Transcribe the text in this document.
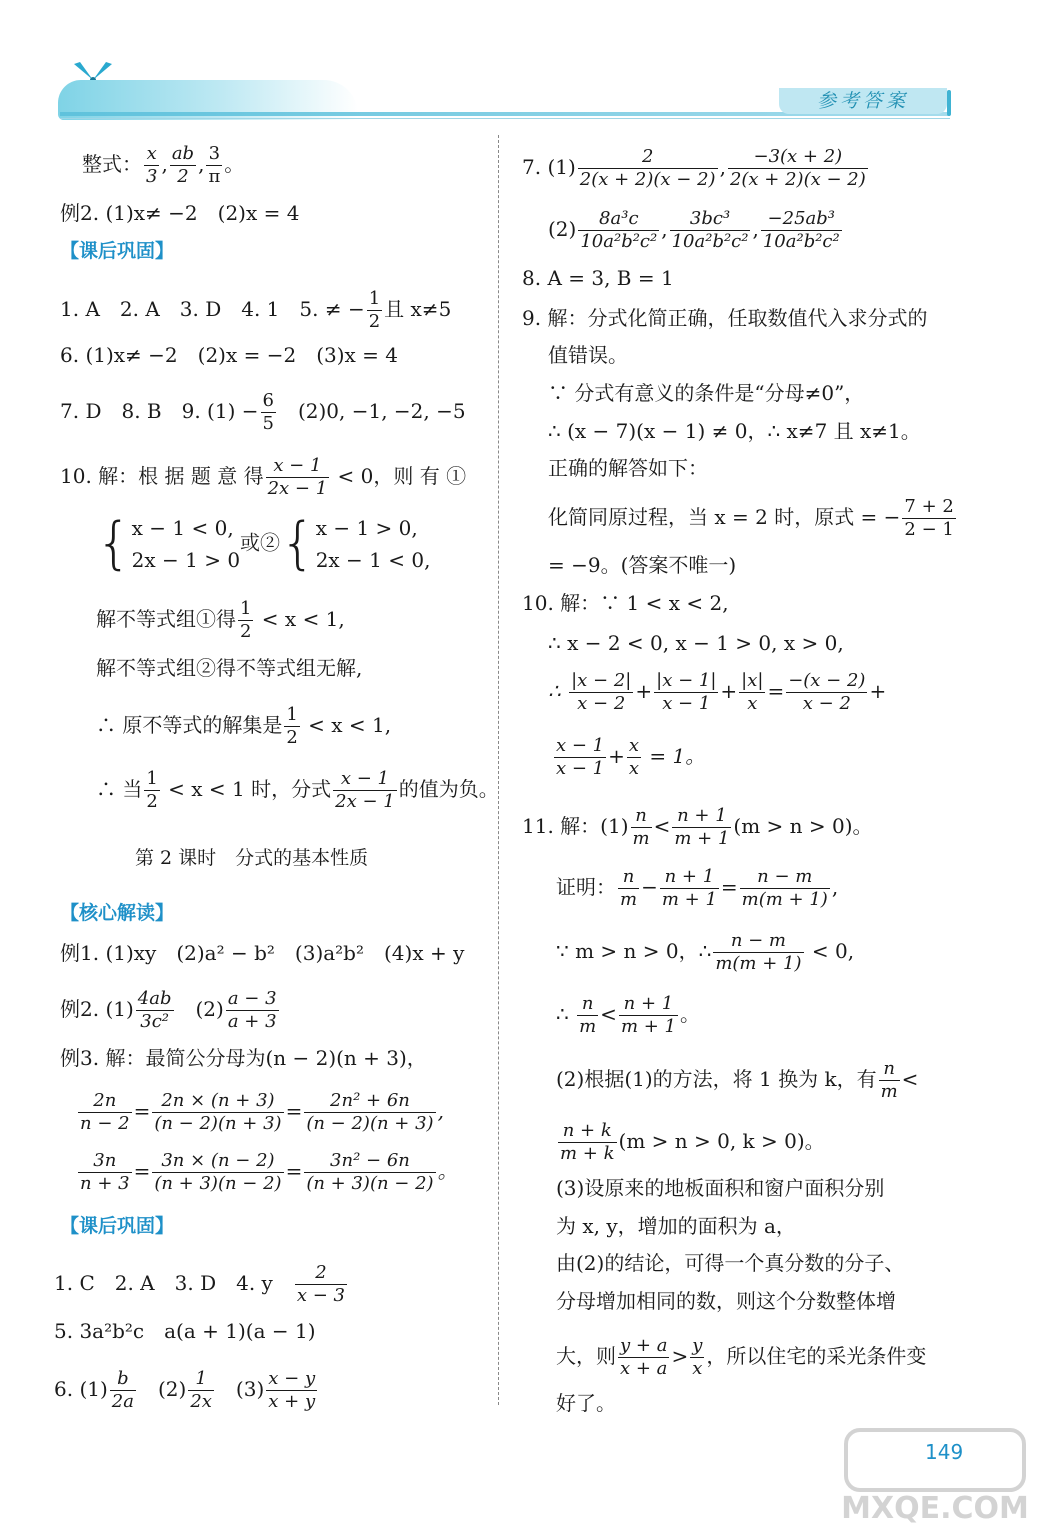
参考答案
整式： $\frac{x}{3}$ , $\frac{ab}{2}$ , $\frac{3}{\pi}$ 。
例2. (1)x≠ −2　(2)x = 4
【课后巩固】
1. A　2. A　3. D　4. 1　5. ≠ − $\frac{1}{2}$ 且 x≠5
6. (1)x≠ −2　(2)x = −2　(3)x = 4
7. D　8. B　9. $(1) - \frac{6}{5}$ 　(2)0, −1, −2, −5
10. 解：根 据 题 意 得 $\frac{x - 1}{2x - 1} < 0$，则 有 ①
{x − 1 < 0,
2x − 1 > 0或②{x − 1 > 0,
2x − 1 < 0,
解不等式组①得 $\frac{1}{2} < x < 1$,
解不等式组②得不等式组无解,
∴ 原不等式的解集是 $\frac{1}{2} < x < 1$,
∴ 当 $\frac{1}{2} < x < 1$ 时，分式 $\frac{x - 1}{2x - 1}$ 的值为负。
第 2 课时　分式的基本性质
【核心解读】
例1. (1)xy　(2)a² − b²　(3)a²b²　(4)x + y
例2. $(1) \frac{4ab}{\text{3c²}}$ 　$(2) \frac{a - 3}{a + 3}$
例3. 解：最简公分母为(n − 2)(n + 3)，
$\frac{2n}{n - 2} = \frac{2n \times (n + 3)}{(n - 2)(n + 3)} = \frac{\text{2n² + 6n}}{(n - 2)(n + 3)}$ ,
$\frac{3n}{n + 3} = \frac{3n \times (n - 2)}{(n + 3)(n - 2)} = \frac{\text{3n² − 6n}}{(n + 3)(n - 2)}$ 。
【课后巩固】
1. C　2. A　3. D　4. y　 $\frac{2}{x - 3}$
5. 3a²b²c　a(a + 1)(a − 1)
6. $(1) \frac{b}{2a}$ 　$(2) \frac{1}{2x}$ 　$(3) \frac{x - y}{x + y}$
7. $(1) \frac{2}{2(x + 2)(x - 2)}$ , $\frac{-3(x + 2)}{2(x + 2)(x - 2)}$
$(2) \frac{\text{8a³c}}{\text{10a²b²c²}}$ , $\frac{\text{3bc³}}{\text{10a²b²c²}}$ , $\frac{\text{−25ab³}}{\text{10a²b²c²}}$
8. A = 3, B = 1
9. 解：分式化简正确，任取数值代入求分式的
值错误。
∵ 分式有意义的条件是“分母≠0”，
∴ (x − 7)(x − 1) ≠ 0，∴ x≠7 且 x≠1。
正确的解答如下：
化简同原过程，当 x = 2 时，原式 = − $\frac{7 + 2}{2 - 1}$
= −9。(答案不唯一)
10. 解：∵ 1 < x < 2,
∴ x − 2 < 0, x − 1 > 0, x > 0,
∴ $\frac{|x - 2|}{x - 2} + \frac{|x - 1|}{x - 1} + \frac{|x|}{x} = \frac{-(x - 2)}{x - 2}$ +
$\frac{x - 1}{x - 1} + \frac{x}{x} = 1$。
11. 解：$(1) \frac{n}{m} < \frac{n + 1}{m + 1} (m > n > 0)$。
证明： $\frac{n}{m} - \frac{n + 1}{m + 1} = \frac{n - m}{m(m + 1)}$ ,
∵ m > n > 0，∴ $\frac{n - m}{m(m + 1)} < 0$,
∴ $\frac{n}{m} < \frac{n + 1}{m + 1}$ 。
(2)根据(1)的方法，将 1 换为 k，有 $\frac{n}{m}$ <
$\frac{n + k}{m + k} (m > n > 0$, k > 0)。
(3)设原来的地板面积和窗户面积分别
为 x, y，增加的面积为 a，
由(2)的结论，可得一个真分数的分子、
分母增加相同的数，则这个分数整体增
大，则 $\frac{y + a}{x + a} > \frac{y}{x}$ ，所以住宅的采光条件变
好了。
149
MXQE.COM
